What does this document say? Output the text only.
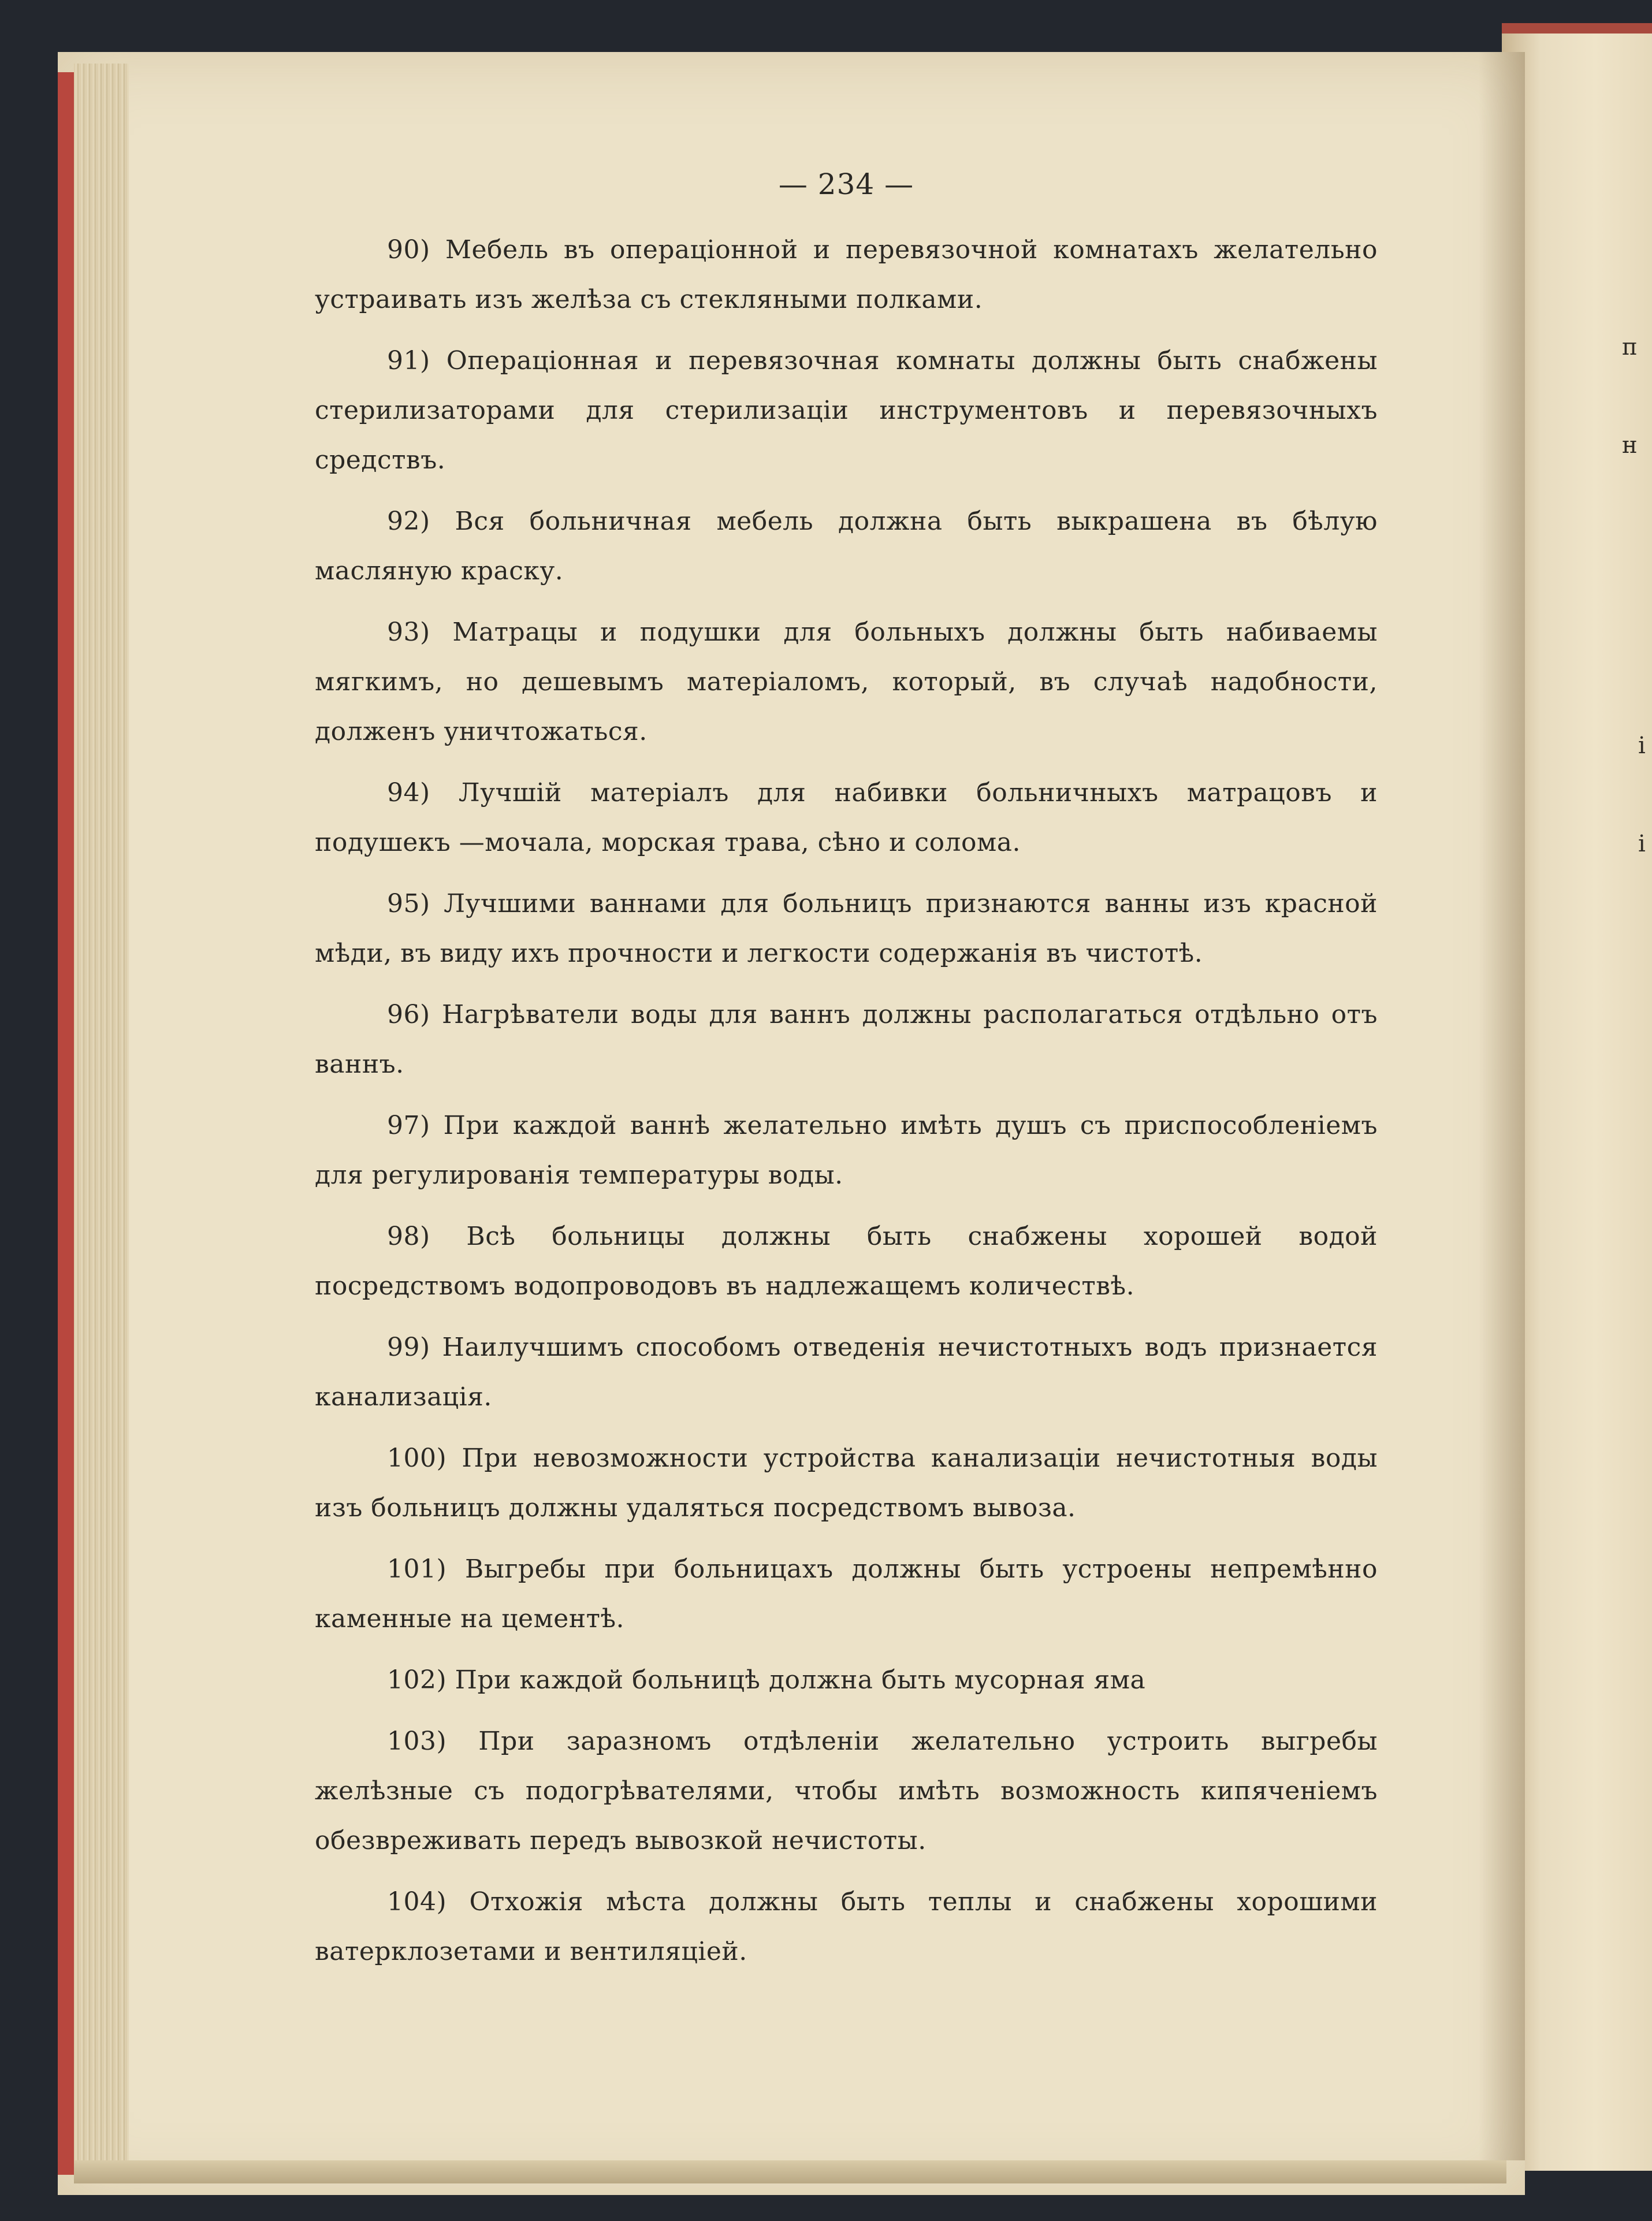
п
н
і
і
— 234 —

90) Мебель въ операціонной и перевязочной комнатахъ желательно устраивать изъ желѣза съ стекляными полками.

91) Операціонная и перевязочная комнаты должны быть снабжены стерилизаторами для стерилизаціи инструментовъ и перевязочныхъ средствъ.

92) Вся больничная мебель должна быть выкрашена въ бѣлую масляную краску.

93) Матрацы и подушки для больныхъ должны быть набиваемы мягкимъ, но дешевымъ матеріаломъ, который, въ случаѣ надобности, долженъ уничтожаться.

94) Лучшій матеріалъ для набивки больничныхъ матрацовъ и подушекъ —мочала, морская трава, сѣно и солома.

95) Лучшими ваннами для больницъ признаются ванны изъ красной мѣди, въ виду ихъ прочности и легкости содержанія въ чистотѣ.

96) Нагрѣватели воды для ваннъ должны располагаться отдѣльно отъ ваннъ.

97) При каждой ваннѣ желательно имѣть душъ съ приспособленіемъ для регулированія температуры воды.

98) Всѣ больницы должны быть снабжены хорошей водой посредствомъ водопроводовъ въ надлежащемъ количествѣ.

99) Наилучшимъ способомъ отведенія нечистотныхъ водъ признается канализація.

100) При невозможности устройства канализаціи нечистотныя воды изъ больницъ должны удаляться посредствомъ вывоза.

101) Выгребы при больницахъ должны быть устроены непремѣнно каменные на цементѣ.

102) При каждой больницѣ должна быть мусорная яма

103) При заразномъ отдѣленіи желательно устроить выгребы желѣзные съ подогрѣвателями, чтобы имѣть возможность кипяченіемъ обезвреживать передъ вывозкой нечистоты.

104) Отхожія мѣста должны быть теплы и снабжены хорошими ватерклозетами и вентиляціей.
